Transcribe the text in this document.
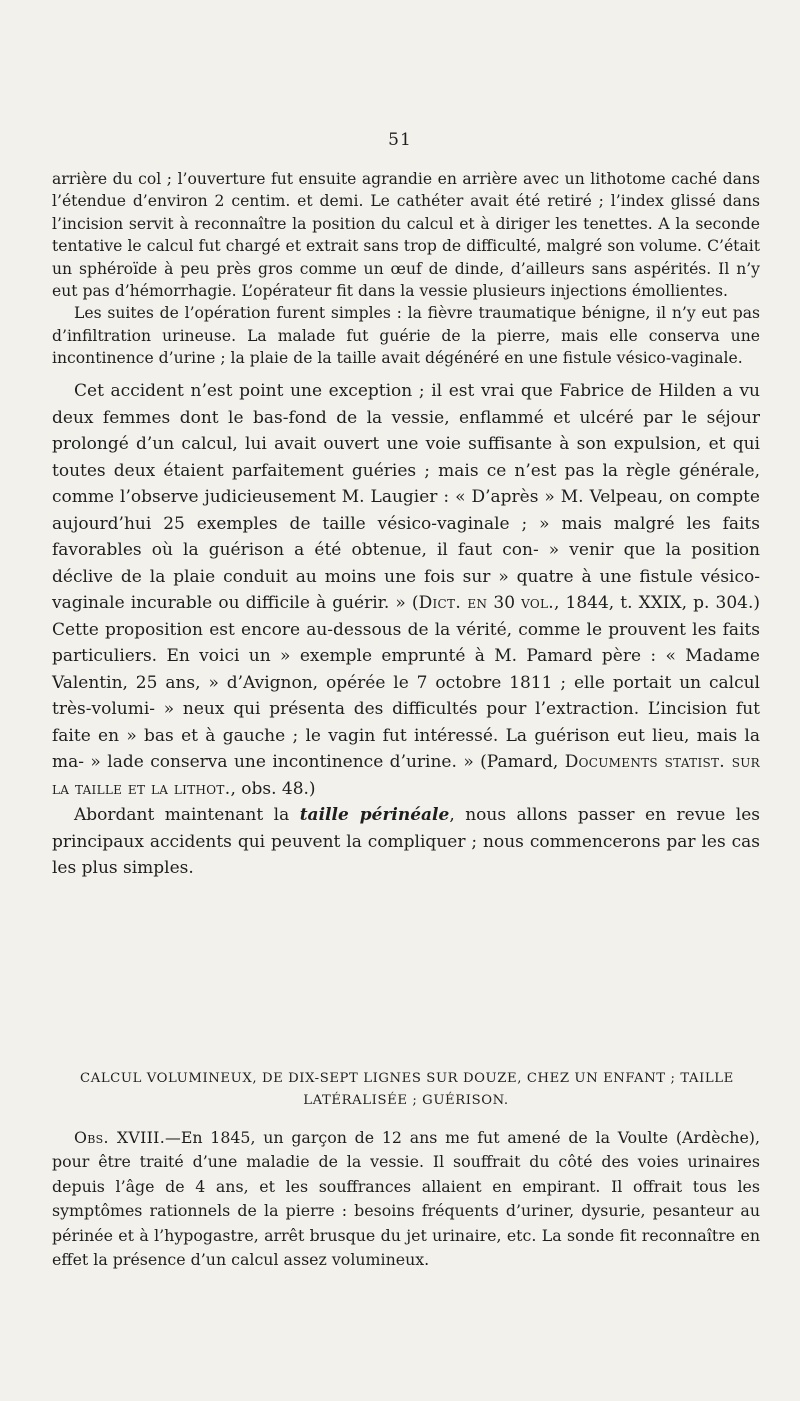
51

arrière du col ; l’ouverture fut ensuite agrandie en arrière avec un lithotome caché dans l’étendue d’environ 2 centim. et demi. Le cathéter avait été retiré ; l’index glissé dans l’incision servit à reconnaître la position du calcul et à diriger les tenettes. A la seconde tentative le calcul fut chargé et extrait sans trop de difficulté, malgré son volume. C’était un sphéroïde à peu près gros comme un œuf de dinde, d’ailleurs sans aspérités. Il n’y eut pas d’hémorrhagie. L’opérateur fit dans la vessie plusieurs injections émollientes.

Les suites de l’opération furent simples : la fièvre traumatique bénigne, il n’y eut pas d’infiltration urineuse. La malade fut guérie de la pierre, mais elle conserva une incontinence d’urine ; la plaie de la taille avait dégénéré en une fistule vésico-vaginale.

Cet accident n’est point une exception ; il est vrai que Fabrice de Hilden a vu deux femmes dont le bas-fond de la vessie, enflammé et ulcéré par le séjour prolongé d’un calcul, lui avait ouvert une voie suffisante à son expulsion, et qui toutes deux étaient parfaitement guéries ; mais ce n’est pas la règle générale, comme l’observe judicieusement M. Laugier : « D’après » M. Velpeau, on compte aujourd’hui 25 exemples de taille vésico-vaginale ; » mais malgré les faits favorables où la guérison a été obtenue, il faut con- » venir que la position déclive de la plaie conduit au moins une fois sur » quatre à une fistule vésico-vaginale incurable ou difficile à guérir. » (Dict. en 30 vol., 1844, t. XXIX, p. 304.) Cette proposition est encore au-dessous de la vérité, comme le prouvent les faits particuliers. En voici un » exemple emprunté à M. Pamard père : « Madame Valentin, 25 ans, » d’Avignon, opérée le 7 octobre 1811 ; elle portait un calcul très-volumi- » neux qui présenta des difficultés pour l’extraction. L’incision fut faite en » bas et à gauche ; le vagin fut intéressé. La guérison eut lieu, mais la ma- » lade conserva une incontinence d’urine. » (Pamard, Documents statist. sur la taille et la lithot., obs. 48.)

Abordant maintenant la taille périnéale, nous allons passer en revue les principaux accidents qui peuvent la compliquer ; nous commencerons par les cas les plus simples.

CALCUL VOLUMINEUX, DE DIX-SEPT LIGNES SUR DOUZE, CHEZ UN ENFANT ; TAILLE
LATÉRALISÉE ; GUÉRISON.

Obs. XVIII.—En 1845, un garçon de 12 ans me fut amené de la Voulte (Ardèche), pour être traité d’une maladie de la vessie. Il souffrait du côté des voies urinaires depuis l’âge de 4 ans, et les souffrances allaient en empirant. Il offrait tous les symptômes rationnels de la pierre : besoins fréquents d’uriner, dysurie, pesanteur au périnée et à l’hypogastre, arrêt brusque du jet urinaire, etc. La sonde fit reconnaître en effet la présence d’un calcul assez volumineux.
